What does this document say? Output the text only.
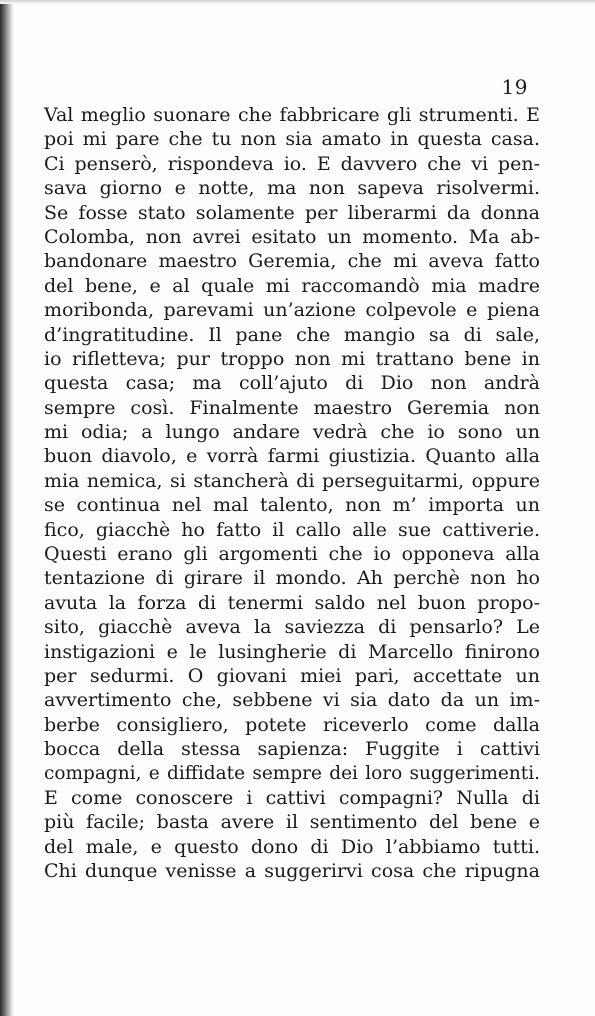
19
Val meglio suonare che fabbricare gli strumenti. E
poi mi pare che tu non sia amato in questa casa.
Ci penserò, rispondeva io. E davvero che vi pen-
sava giorno e notte, ma non sapeva risolvermi.
Se fosse stato solamente per liberarmi da donna
Colomba, non avrei esitato un momento. Ma ab-
bandonare maestro Geremia, che mi aveva fatto
del bene, e al quale mi raccomandò mia madre
moribonda, parevami un’azione colpevole e piena
d’ingratitudine. Il pane che mangio sa di sale,
io rifletteva; pur troppo non mi trattano bene in
questa casa; ma coll’ajuto di Dio non andrà
sempre così. Finalmente maestro Geremia non
mi odia; a lungo andare vedrà che io sono un
buon diavolo, e vorrà farmi giustizia. Quanto alla
mia nemica, si stancherà di perseguitarmi, oppure
se continua nel mal talento, non m’ importa un
fico, giacchè ho fatto il callo alle sue cattiverie.
Questi erano gli argomenti che io opponeva alla
tentazione di girare il mondo. Ah perchè non ho
avuta la forza di tenermi saldo nel buon propo-
sito, giacchè aveva la saviezza di pensarlo? Le
instigazioni e le lusingherie di Marcello finirono
per sedurmi. O giovani miei pari, accettate un
avvertimento che, sebbene vi sia dato da un im-
berbe consigliero, potete riceverlo come dalla
bocca della stessa sapienza: Fuggite i cattivi
compagni, e diffidate sempre dei loro suggerimenti.
E come conoscere i cattivi compagni? Nulla di
più facile; basta avere il sentimento del bene e
del male, e questo dono di Dio l’abbiamo tutti.
Chi dunque venisse a suggerirvi cosa che ripugna
